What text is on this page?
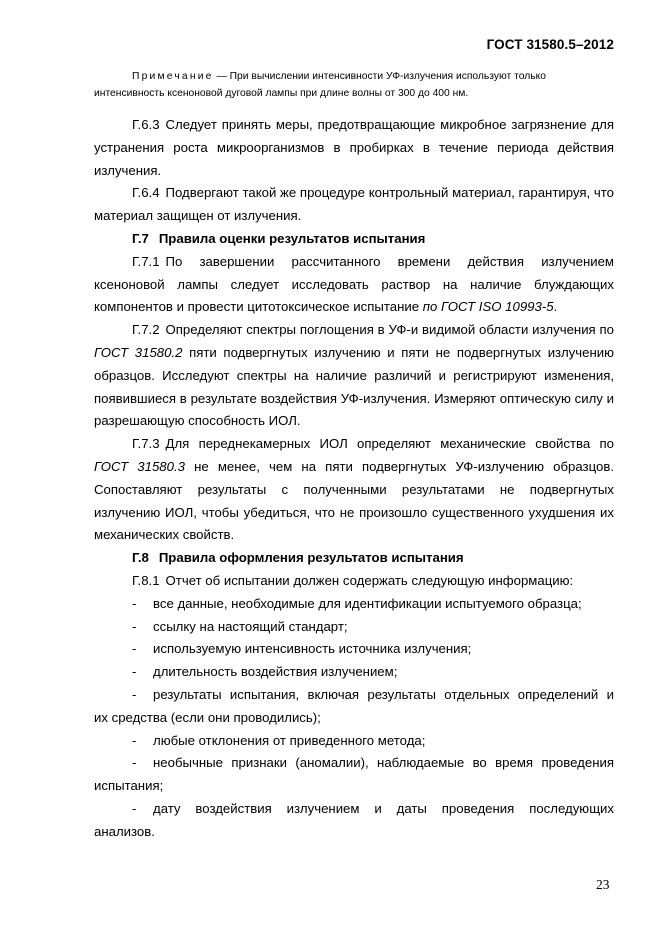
ГОСТ 31580.5–2012
Примечание — При вычислении интенсивности УФ-излучения используют только
интенсивность ксеноновой дуговой лампы при длине волны от 300 до 400 нм.

Г.6.3 Следует принять меры, предотвращающие микробное загрязнение для устранения роста микроорганизмов в пробирках в течение периода действия излучения.

Г.6.4 Подвергают такой же процедуре контрольный материал, гарантируя, что материал защищен от излучения.

Г.7 Правила оценки результатов испытания

Г.7.1 По завершении рассчитанного времени действия излучением ксеноновой лампы следует исследовать раствор на наличие блуждающих компонентов и провести цитотоксическое испытание по ГОСТ ISO 10993-5.

Г.7.2 Определяют спектры поглощения в УФ-и видимой области излучения по ГОСТ 31580.2 пяти подвергнутых излучению и пяти не подвергнутых излучению образцов. Исследуют спектры на наличие различий и регистрируют изменения, появившиеся в результате воздействия УФ-излучения. Измеряют оптическую силу и разрешающую способность ИОЛ.

Г.7.3 Для переднекамерных ИОЛ определяют механические свойства по ГОСТ 31580.3 не менее, чем на пяти подвергнутых УФ-излучению образцов. Сопоставляют результаты с полученными результатами не подвергнутых излучению ИОЛ, чтобы убедиться, что не произошло существенного ухудшения их механических свойств.

Г.8 Правила оформления результатов испытания

Г.8.1 Отчет об испытании должен содержать следующую информацию:

- все данные, необходимые для идентификации испытуемого образца;

- ссылку на настоящий стандарт;

- используемую интенсивность источника излучения;

- длительность воздействия излучением;

- результаты испытания, включая результаты отдельных определений и
их средства (если они проводились);

- любые отклонения от приведенного метода;

- необычные признаки (аномалии), наблюдаемые во время проведения
испытания;
- дату воздействия излучением и даты проведения последующих
анализов.
23
